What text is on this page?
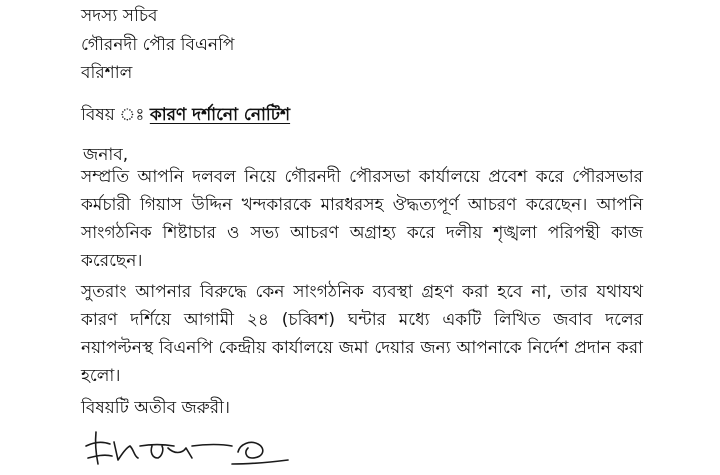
সদস্য সচিব
গৌরনদী পৌর বিএনপি
বরিশাল
বিষয় ঃ কারণ দর্শানো নোটিশ
জনাব,
সম্প্রতি আপনি দলবল নিয়ে গৌরনদী পৌরসভা কার্যালয়ে প্রবেশ করে পৌরসভার কর্মচারী গিয়াস উদ্দিন খন্দকারকে মারধরসহ ঔদ্ধত্যপূর্ণ আচরণ করেছেন। আপনি সাংগঠনিক শিষ্টাচার ও সভ্য আচরণ অগ্রাহ্য করে দলীয় শৃঙ্খলা পরিপন্থী কাজ করেছেন।
সুতরাং আপনার বিরুদ্ধে কেন সাংগঠনিক ব্যবস্থা গ্রহণ করা হবে না, তার যথাযথ কারণ দর্শিয়ে আগামী ২৪ (চব্বিশ) ঘন্টার মধ্যে একটি লিখিত জবাব দলের নয়াপল্টনস্থ বিএনপি কেন্দ্রীয় কার্যালয়ে জমা দেয়ার জন্য আপনাকে নির্দেশ প্রদান করা হলো।
বিষয়টি অতীব জরুরী।
